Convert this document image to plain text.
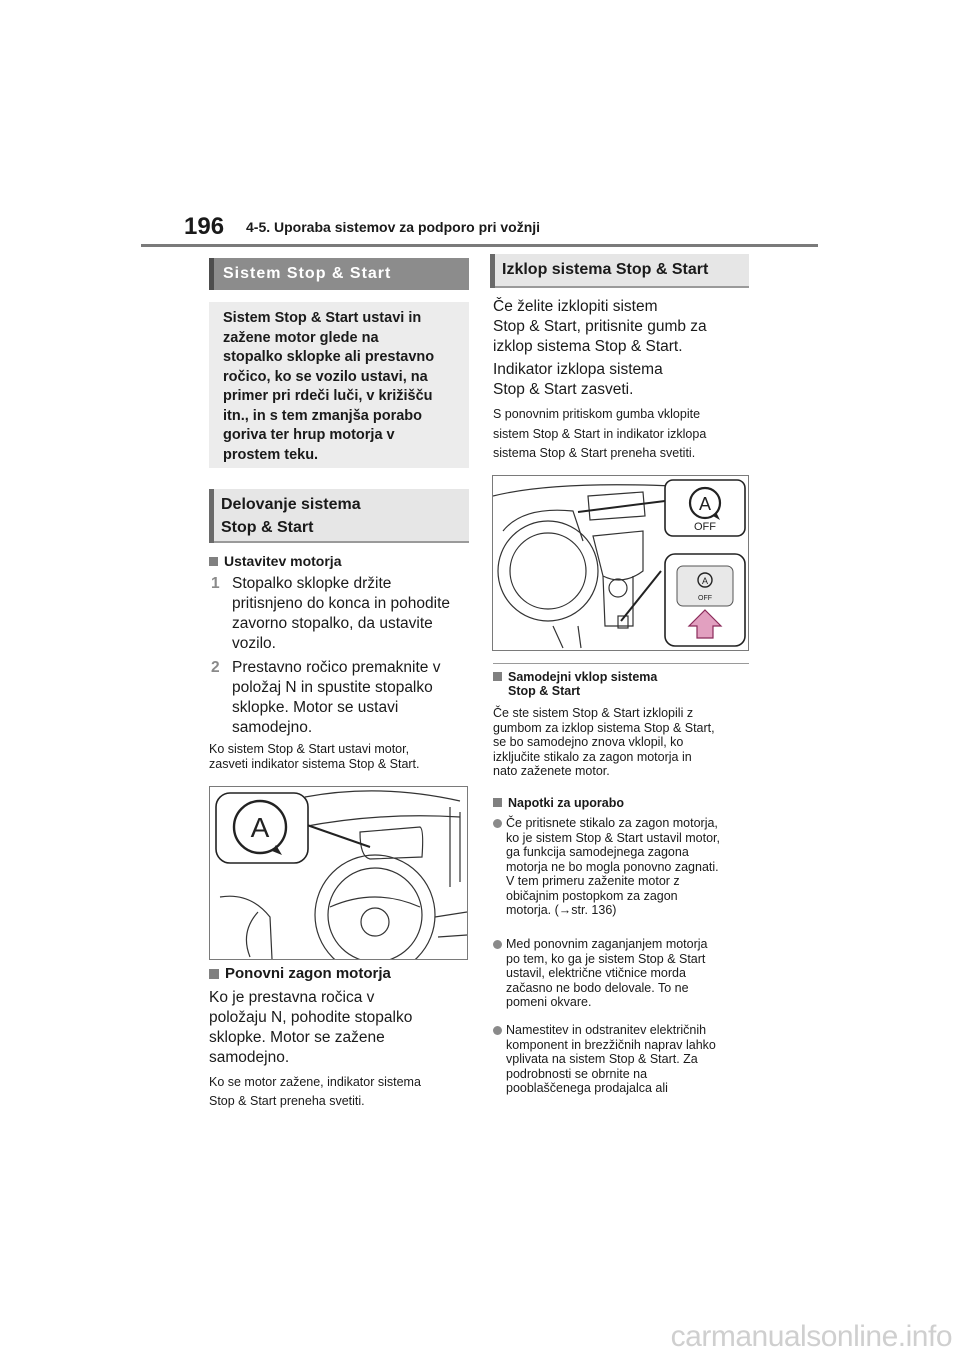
196 4-5. Uporaba sistemov za podporo pri vožnji
Sistem Stop & Start
Sistem Stop & Start ustavi in
zažene motor glede na
stopalko sklopke ali prestavno
ročico, ko se vozilo ustavi, na
primer pri rdeči luči, v križišču
itn., in s tem zmanjša porabo
goriva ter hrup motorja v
prostem teku.
Delovanje sistema
Stop & Start
Ustavitev motorja
1 Stopalko sklopke držite
pritisnjeno do konca in pohodite
zavorno stopalko, da ustavite
vozilo.
2 Prestavno ročico premaknite v
položaj N in spustite stopalko
sklopke. Motor se ustavi
samodejno.
Ko sistem Stop & Start ustavi motor,
zasveti indikator sistema Stop & Start.
A
Ponovni zagon motorja
Ko je prestavna ročica v
položaju N, pohodite stopalko
sklopke. Motor se zažene
samodejno.
Ko se motor zažene, indikator sistema
Stop & Start preneha svetiti.
Izklop sistema Stop & Start
Če želite izklopiti sistem
Stop & Start, pritisnite gumb za
izklop sistema Stop & Start.
Indikator izklopa sistema
Stop & Start zasveti.
S ponovnim pritiskom gumba vklopite
sistem Stop & Start in indikator izklopa
sistema Stop & Start preneha svetiti.
A
OFF
A
OFF
Samodejni vklop sistema
Stop & Start
Če ste sistem Stop & Start izklopili z
gumbom za izklop sistema Stop & Start,
se bo samodejno znova vklopil, ko
izključite stikalo za zagon motorja in
nato zaženete motor.
Napotki za uporabo
Če pritisnete stikalo za zagon motorja,
ko je sistem Stop & Start ustavil motor,
ga funkcija samodejnega zagona
motorja ne bo mogla ponovno zagnati.
V tem primeru zaženite motor z
običajnim postopkom za zagon
motorja. (→str. 136)
Med ponovnim zaganjanjem motorja
po tem, ko ga je sistem Stop & Start
ustavil, električne vtičnice morda
začasno ne bodo delovale. To ne
pomeni okvare.
Namestitev in odstranitev električnih
komponent in brezžičnih naprav lahko
vplivata na sistem Stop & Start. Za
podrobnosti se obrnite na
pooblaščenega prodajalca ali
carmanualsonline.info
